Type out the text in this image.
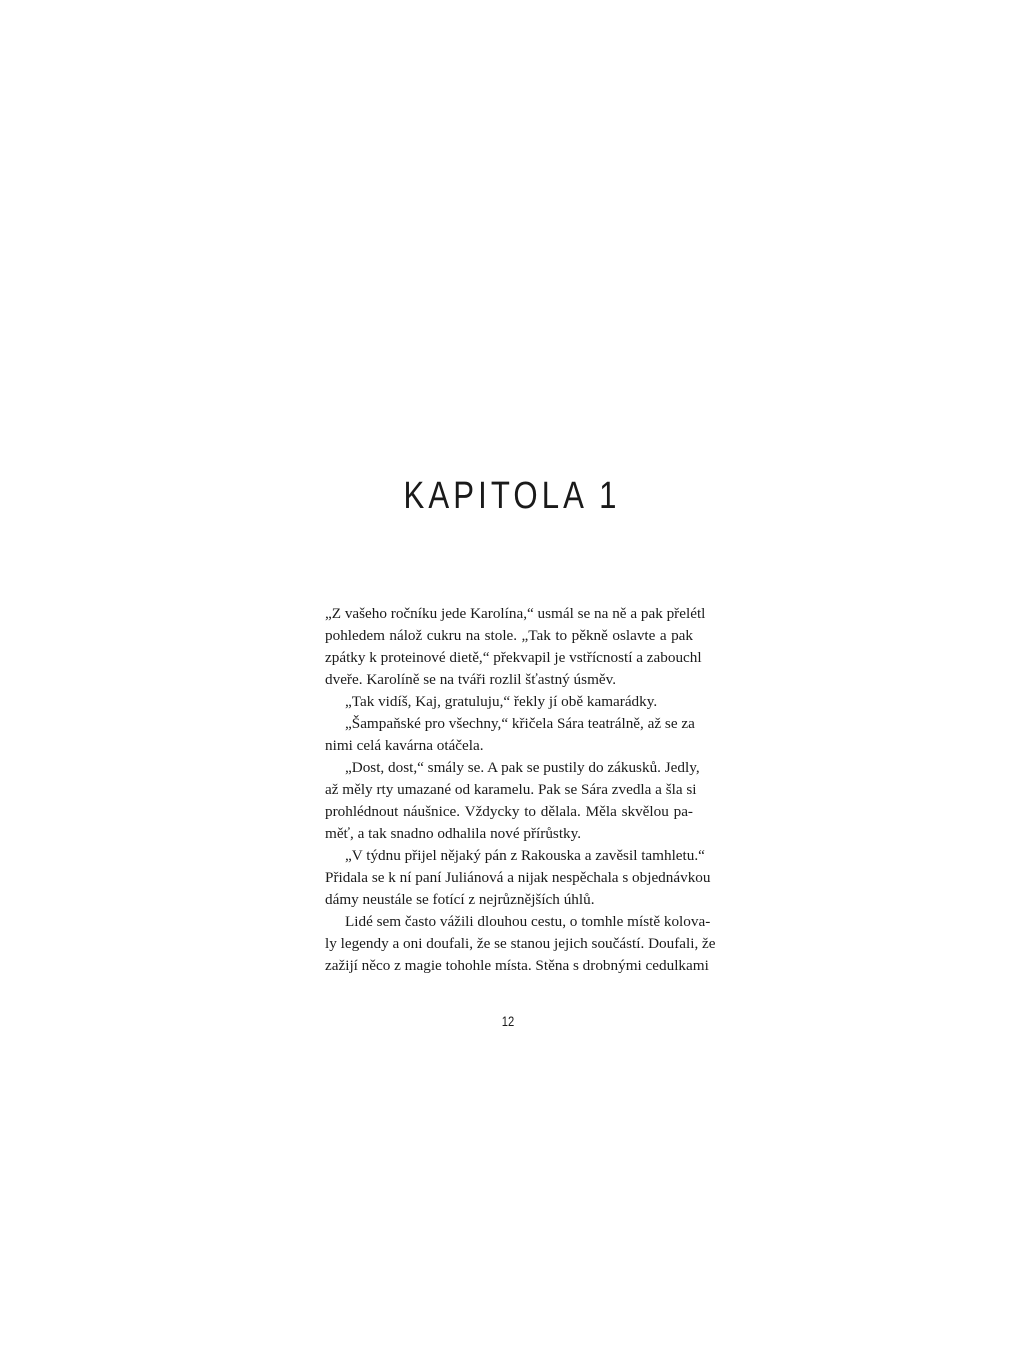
KAPITOLA 1
„Z vašeho ročníku jede Karolína,“ usmál se na ně a pak přelétl
pohledem nálož cukru na stole. „Tak to pěkně oslavte a pak
zpátky k proteinové dietě,“ překvapil je vstřícností a zabouchl
dveře. Karolíně se na tváři rozlil šťastný úsměv.
„Tak vidíš, Kaj, gratuluju,“ řekly jí obě kamarádky.
„Šampaňské pro všechny,“ křičela Sára teatrálně, až se za
nimi celá kavárna otáčela.
„Dost, dost,“ smály se. A pak se pustily do zákusků. Jedly,
až měly rty umazané od karamelu. Pak se Sára zvedla a šla si
prohlédnout náušnice. Vždycky to dělala. Měla skvělou pa-
měť, a tak snadno odhalila nové přírůstky.
„V týdnu přijel nějaký pán z Rakouska a zavěsil tamhletu.“
Přidala se k ní paní Juliánová a nijak nespěchala s objednávkou
dámy neustále se fotící z nejrůznějších úhlů.
Lidé sem často vážili dlouhou cestu, o tomhle místě kolova-
ly legendy a oni doufali, že se stanou jejich součástí. Doufali, že
zažijí něco z magie tohohle místa. Stěna s drobnými cedulkami
12
